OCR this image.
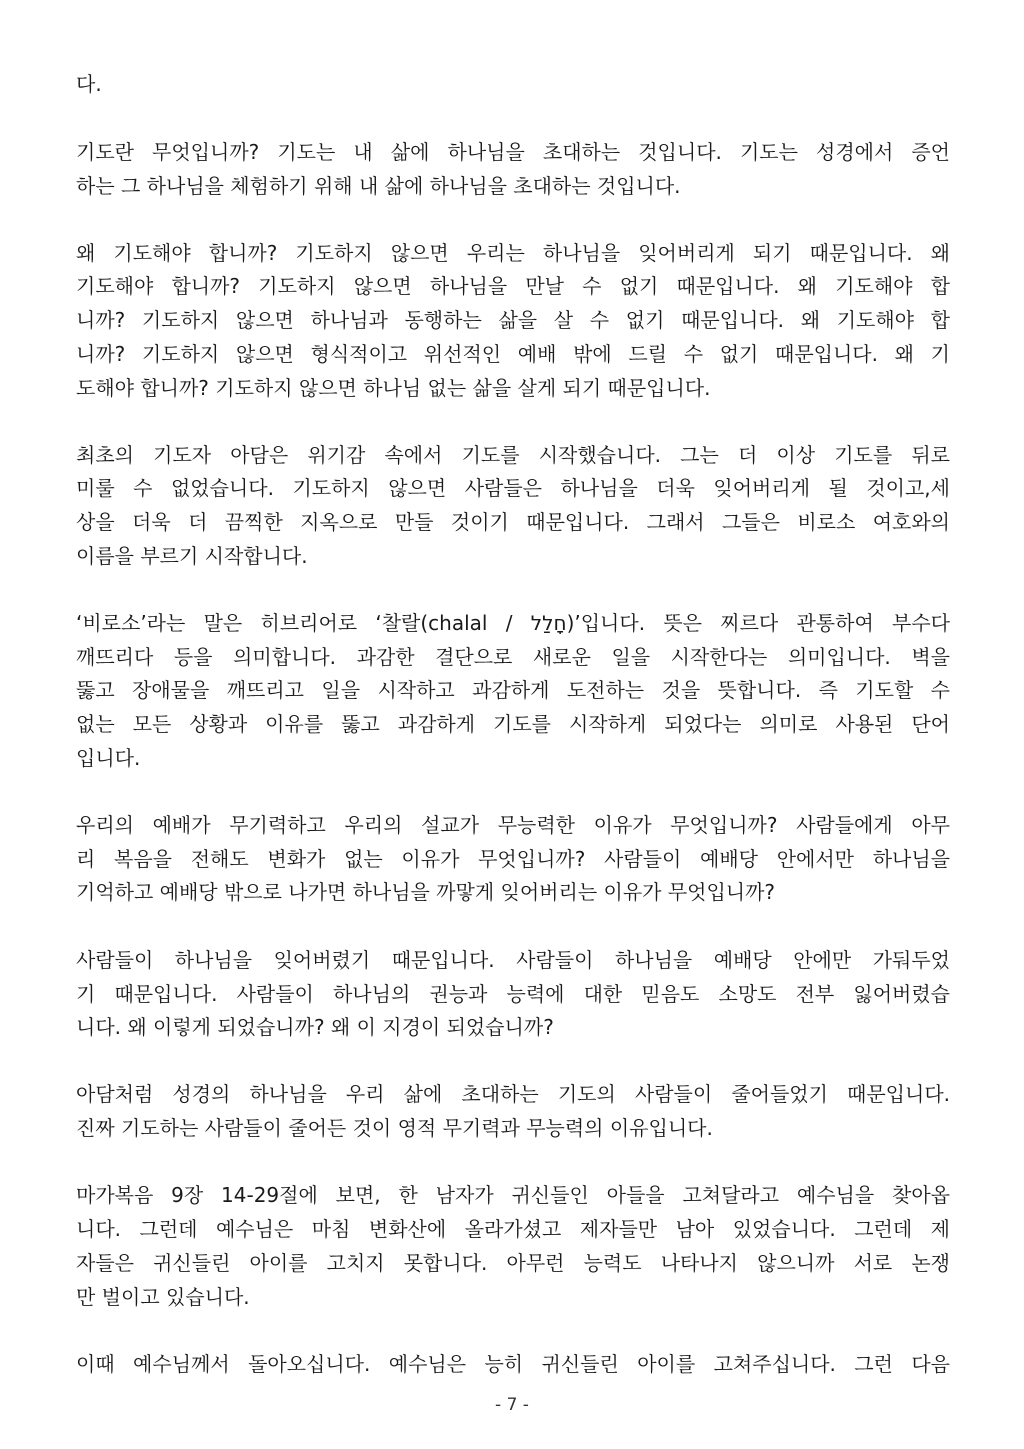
다.

기도란 무엇입니까? 기도는 내 삶에 하나님을 초대하는 것입니다. 기도는 성경에서 증언

하는 그 하나님을 체험하기 위해 내 삶에 하나님을 초대하는 것입니다.

왜 기도해야 합니까? 기도하지 않으면 우리는 하나님을 잊어버리게 되기 때문입니다. 왜

기도해야 합니까? 기도하지 않으면 하나님을 만날 수 없기 때문입니다. 왜 기도해야 합

니까? 기도하지 않으면 하나님과 동행하는 삶을 살 수 없기 때문입니다. 왜 기도해야 합

니까? 기도하지 않으면 형식적이고 위선적인 예배 밖에 드릴 수 없기 때문입니다. 왜 기

도해야 합니까? 기도하지 않으면 하나님 없는 삶을 살게 되기 때문입니다.

최초의 기도자 아담은 위기감 속에서 기도를 시작했습니다. 그는 더 이상 기도를 뒤로

미룰 수 없었습니다. 기도하지 않으면 사람들은 하나님을 더욱 잊어버리게 될 것이고,세

상을 더욱 더 끔찍한 지옥으로 만들 것이기 때문입니다. 그래서 그들은 비로소 여호와의

이름을 부르기 시작합니다.

‘비로소’라는 말은 히브리어로 ‘찰랄(chalal / חָלַל)’입니다. 뜻은 찌르다 관통하여 부수다

깨뜨리다 등을 의미합니다. 과감한 결단으로 새로운 일을 시작한다는 의미입니다. 벽을

뚫고 장애물을 깨뜨리고 일을 시작하고 과감하게 도전하는 것을 뜻합니다. 즉 기도할 수

없는 모든 상황과 이유를 뚫고 과감하게 기도를 시작하게 되었다는 의미로 사용된 단어

입니다.

우리의 예배가 무기력하고 우리의 설교가 무능력한 이유가 무엇입니까? 사람들에게 아무

리 복음을 전해도 변화가 없는 이유가 무엇입니까? 사람들이 예배당 안에서만 하나님을

기억하고 예배당 밖으로 나가면 하나님을 까맣게 잊어버리는 이유가 무엇입니까?

사람들이 하나님을 잊어버렸기 때문입니다. 사람들이 하나님을 예배당 안에만 가둬두었

기 때문입니다. 사람들이 하나님의 권능과 능력에 대한 믿음도 소망도 전부 잃어버렸습

니다. 왜 이렇게 되었습니까? 왜 이 지경이 되었습니까?

아담처럼 성경의 하나님을 우리 삶에 초대하는 기도의 사람들이 줄어들었기 때문입니다.

진짜 기도하는 사람들이 줄어든 것이 영적 무기력과 무능력의 이유입니다.

마가복음 9장 14-29절에 보면, 한 남자가 귀신들인 아들을 고쳐달라고 예수님을 찾아옵

니다. 그런데 예수님은 마침 변화산에 올라가셨고 제자들만 남아 있었습니다. 그런데 제

자들은 귀신들린 아이를 고치지 못합니다. 아무런 능력도 나타나지 않으니까 서로 논쟁

만 벌이고 있습니다.

이때 예수님께서 돌아오십니다. 예수님은 능히 귀신들린 아이를 고쳐주십니다. 그런 다음

- 7 -
